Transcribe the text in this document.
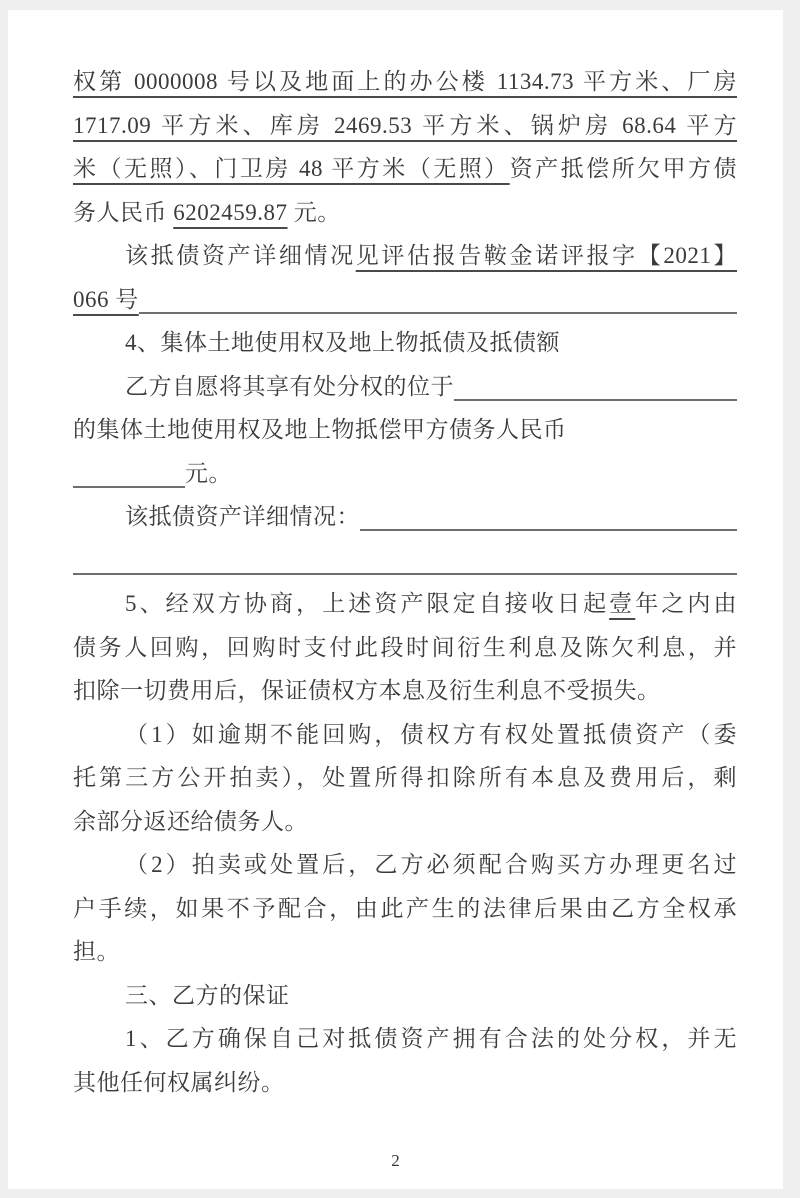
权第 0000008 号以及地面上的办公楼 1134.73 平方米、厂房
1717.09 平方米、库房 2469.53 平方米、锅炉房 68.64 平方
米（无照）、门卫房 48 平方米（无照）资产抵偿所欠甲方债
务人民币 6202459.87 元。
该抵债资产详细情况见评估报告鞍金诺评报字【2021】

066 号
4、集体土地使用权及地上物抵债及抵债额

乙方自愿将其享有处分权的位于
的集体土地使用权及地上物抵偿甲方债务人民币
元。

该抵债资产详细情况：

5、经双方协商，上述资产限定自接收日起壹年之内由
债务人回购，回购时支付此段时间衍生利息及陈欠利息，并
扣除一切费用后，保证债权方本息及衍生利息不受损失。
（1）如逾期不能回购，债权方有权处置抵债资产（委
托第三方公开拍卖），处置所得扣除所有本息及费用后，剩
余部分返还给债务人。
（2）拍卖或处置后，乙方必须配合购买方办理更名过
户手续，如果不予配合，由此产生的法律后果由乙方全权承
担。
三、乙方的保证
1、乙方确保自己对抵债资产拥有合法的处分权，并无
其他任何权属纠纷。
2
